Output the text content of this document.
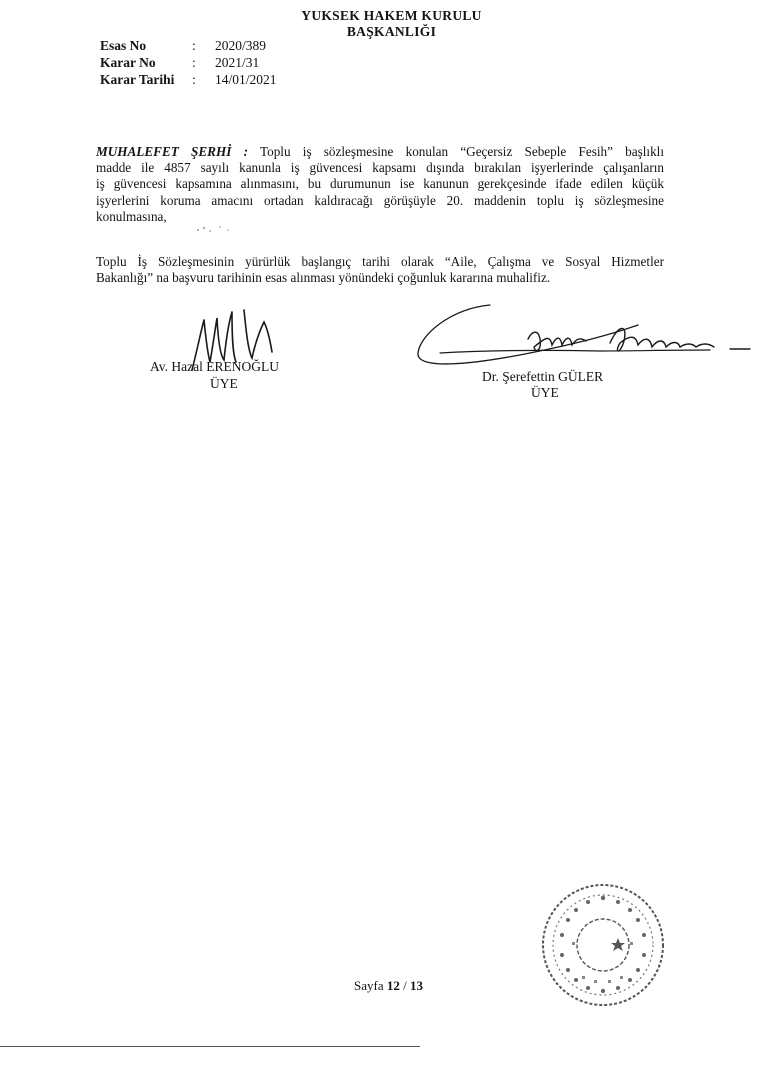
YUKSEK HAKEM KURULU
BAŞKANLIĞI
Esas No	: 2020/389
Karar No	: 2021/31
Karar Tarihi : 14/01/2021
MUHALEFET ŞERHİ : Toplu iş sözleşmesine konulan “Geçersiz Sebeple Fesih” başlıklı
madde ile 4857 sayılı kanunla iş güvencesi kapsamı dışında bırakılan işyerlerinde çalışanların
iş güvencesi kapsamına alınmasını, bu durumunun ise kanunun gerekçesinde ifade edilen küçük
işyerlerini koruma amacını ortadan kaldıracağı görüşüyle 20. maddenin toplu iş sözleşmesine
konulmasına,
Toplu İş Sözleşmesinin yürürlük başlangıç tarihi olarak “Aile, Çalışma ve Sosyal Hizmetler
Bakanlığı” na başvuru tarihinin esas alınması yönündeki çoğunluk kararına muhalifiz.
Av. Hazal ERENOĞLU
ÜYE	Dr. Şerefettin GÜLER
ÜYE
Sayfa 12 / 13
